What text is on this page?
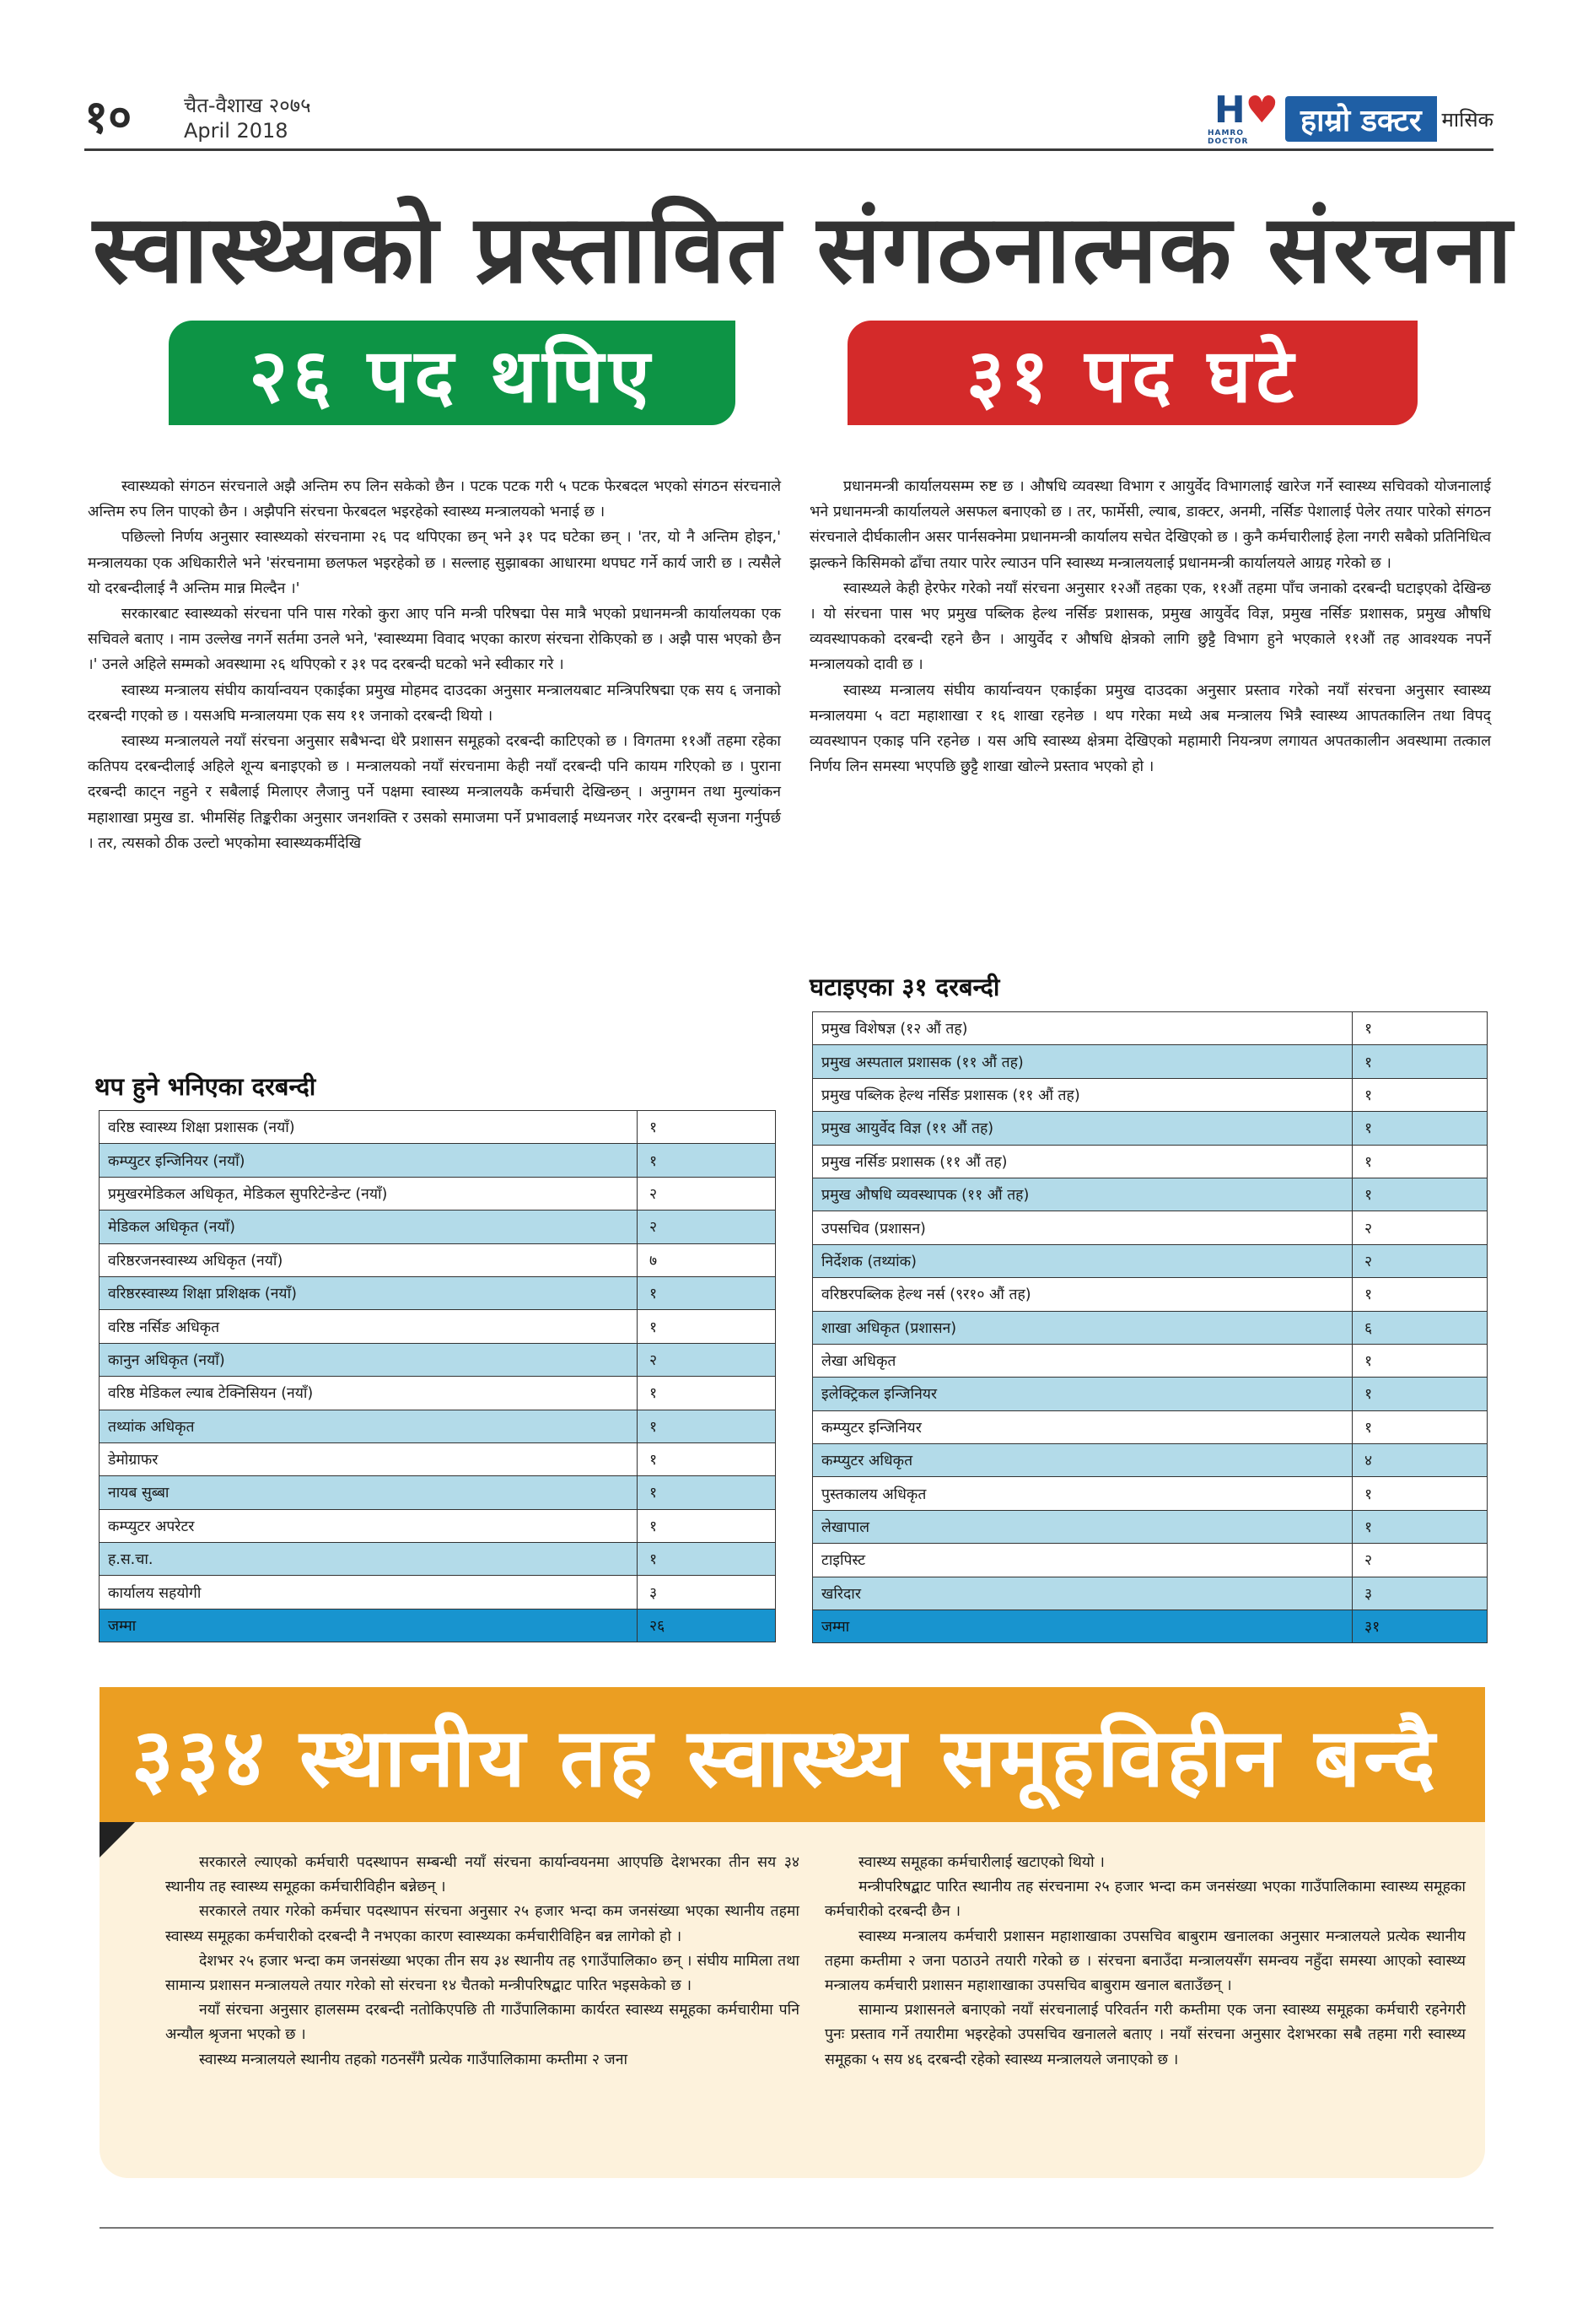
१०	चैत-वैशाख २०७५
April 2018	H♥
HAMRO DOCTOR
हाम्रो डक्टर	मासिक
स्वास्थ्यको प्रस्तावित संगठनात्मक संरचना
२६ पद थपिए	३१ पद घटे

स्वास्थ्यको संगठन संरचनाले अझै अन्तिम रुप लिन सकेको छैन । पटक पटक गरी ५ पटक फेरबदल भएको संगठन संरचनाले अन्तिम रुप लिन पाएको छैन । अझैपनि संरचना फेरबदल भइरहेको स्वास्थ्य मन्त्रालयको भनाई छ ।

पछिल्लो निर्णय अनुसार स्वास्थ्यको संरचनामा २६ पद थपिएका छन् भने ३१ पद घटेका छन् । 'तर, यो नै अन्तिम होइन,' मन्त्रालयका एक अधिकारीले भने 'संरचनामा छलफल भइरहेको छ । सल्लाह सुझाबका आधारमा थपघट गर्ने कार्य जारी छ । त्यसैले यो दरबन्दीलाई नै अन्तिम मान्न मिल्दैन ।'

सरकारबाट स्वास्थ्यको संरचना पनि पास गरेको कुरा आए पनि मन्त्री परिषद्मा पेस मात्रै भएको प्रधानमन्त्री कार्यालयका एक सचिवले बताए । नाम उल्लेख नगर्ने सर्तमा उनले भने, 'स्वास्थ्यमा विवाद भएका कारण संरचना रोकिएको छ । अझै पास भएको छैन ।' उनले अहिले सम्मको अवस्थामा २६ थपिएको र ३१ पद दरबन्दी घटको भने स्वीकार गरे ।

स्वास्थ्य मन्त्रालय संघीय कार्यान्वयन एकाईका प्रमुख मोहमद दाउदका अनुसार मन्त्रालयबाट मन्त्रिपरिषद्मा एक सय ६ जनाको दरबन्दी गएको छ । यसअघि मन्त्रालयमा एक सय ११ जनाको दरबन्दी थियो ।

स्वास्थ्य मन्त्रालयले नयाँ संरचना अनुसार सबैभन्दा धेरै प्रशासन समूहको दरबन्दी काटिएको छ । विगतमा ११औं तहमा रहेका कतिपय दरबन्दीलाई अहिले शून्य बनाइएको छ । मन्त्रालयको नयाँ संरचनामा केही नयाँ दरबन्दी पनि कायम गरिएको छ । पुराना दरबन्दी काट्न नहुने र सबैलाई मिलाएर लैजानु पर्ने पक्षमा स्वास्थ्य मन्त्रालयकै कर्मचारी देखिन्छन् । अनुगमन तथा मुल्यांकन महाशाखा प्रमुख डा. भीमसिंह तिङ्करीका अनुसार जनशक्ति र उसको समाजमा पर्ने प्रभावलाई मध्यनजर गरेर दरबन्दी सृजना गर्नुपर्छ । तर, त्यसको ठीक उल्टो भएकोमा स्वास्थ्यकर्मीदेखि

प्रधानमन्त्री कार्यालयसम्म रुष्ट छ । औषधि व्यवस्था विभाग र आयुर्वेद विभागलाई खारेज गर्ने स्वास्थ्य सचिवको योजनालाई भने प्रधानमन्त्री कार्यालयले असफल बनाएको छ । तर, फार्मेसी, ल्याब, डाक्टर, अनमी, नर्सिङ पेशालाई पेलेर तयार पारेको संगठन संरचनाले दीर्घकालीन असर पार्नसक्नेमा प्रधानमन्त्री कार्यालय सचेत देखिएको छ । कुनै कर्मचारीलाई हेला नगरी सबैको प्रतिनिधित्व झल्कने किसिमको ढाँचा तयार पारेर ल्याउन पनि स्वास्थ्य मन्त्रालयलाई प्रधानमन्त्री कार्यालयले आग्रह गरेको छ ।

स्वास्थ्यले केही हेरफेर गरेको नयाँ संरचना अनुसार १२औं तहका एक, ११औं तहमा पाँच जनाको दरबन्दी घटाइएको देखिन्छ । यो संरचना पास भए प्रमुख पब्लिक हेल्थ नर्सिङ प्रशासक, प्रमुख आयुर्वेद विज्ञ, प्रमुख नर्सिङ प्रशासक, प्रमुख औषधि व्यवस्थापकको दरबन्दी रहने छैन । आयुर्वेद र औषधि क्षेत्रको लागि छुट्टै विभाग हुने भएकाले ११औं तह आवश्यक नपर्ने मन्त्रालयको दावी छ ।

स्वास्थ्य मन्त्रालय संघीय कार्यान्वयन एकाईका प्रमुख दाउदका अनुसार प्रस्ताव गरेको नयाँ संरचना अनुसार स्वास्थ्य मन्त्रालयमा ५ वटा महाशाखा र १६ शाखा रहनेछ । थप गरेका मध्ये अब मन्त्रालय भित्रै स्वास्थ्य आपतकालिन तथा विपद् व्यवस्थापन एकाइ पनि रहनेछ । यस अघि स्वास्थ्य क्षेत्रमा देखिएको महामारी नियन्त्रण लगायत अपतकालीन अवस्थामा तत्काल निर्णय लिन समस्या भएपछि छुट्टै शाखा खोल्ने प्रस्ताव भएको हो ।

थप हुने भनिएका दरबन्दी
वरिष्ठ स्वास्थ्य शिक्षा प्रशासक (नयाँ)	१
कम्प्युटर इन्जिनियर (नयाँ)	१
प्रमुखरमेडिकल अधिकृत, मेडिकल सुपरिटेन्डेन्ट (नयाँ)	२
मेडिकल अधिकृत (नयाँ)	२
वरिष्ठरजनस्वास्थ्य अधिकृत (नयाँ)	७
वरिष्ठरस्वास्थ्य शिक्षा प्रशिक्षक (नयाँ)	१
वरिष्ठ नर्सिङ अधिकृत	१
कानुन अधिकृत (नयाँ)	२
वरिष्ठ मेडिकल ल्याब टेक्निसियन (नयाँ)	१
तथ्यांक अधिकृत	१
डेमोग्राफर	१
नायब सुब्बा	१
कम्प्युटर अपरेटर	१
ह.स.चा.	१
कार्यालय सहयोगी	३
जम्मा	२६
घटाइएका ३१ दरबन्दी
प्रमुख विशेषज्ञ (१२ औं तह)	१
प्रमुख अस्पताल प्रशासक (११ औं तह)	१
प्रमुख पब्लिक हेल्थ नर्सिङ प्रशासक (११ औं तह)	१
प्रमुख आयुर्वेद विज्ञ (११ औं तह)	१
प्रमुख नर्सिङ प्रशासक (११ औं तह)	१
प्रमुख औषधि व्यवस्थापक (११ औं तह)	१
उपसचिव (प्रशासन)	२
निर्देशक (तथ्यांक)	२
वरिष्ठरपब्लिक हेल्थ नर्स (९र१० औं तह)	१
शाखा अधिकृत (प्रशासन)	६
लेखा अधिकृत	१
इलेक्ट्रिकल इन्जिनियर	१
कम्प्युटर इन्जिनियर	१
कम्प्युटर अधिकृत	४
पुस्तकालय अधिकृत	१
लेखापाल	१
टाइपिस्ट	२
खरिदार	३
जम्मा	३१
३३४ स्थानीय तह स्वास्थ्य समूहविहीन बन्दै

सरकारले ल्याएको कर्मचारी पदस्थापन सम्बन्धी नयाँ संरचना कार्यान्वयनमा आएपछि देशभरका तीन सय ३४ स्थानीय तह स्वास्थ्य समूहका कर्मचारीविहीन बन्नेछन् ।

सरकारले तयार गरेको कर्मचार पदस्थापन संरचना अनुसार २५ हजार भन्दा कम जनसंख्या भएका स्थानीय तहमा स्वास्थ्य समूहका कर्मचारीको दरबन्दी नै नभएका कारण स्वास्थ्यका कर्मचारीविहिन बन्न लागेको हो ।

देशभर २५ हजार भन्दा कम जनसंख्या भएका तीन सय ३४ स्थानीय तह ९गाउँपालिका० छन् । संघीय मामिला तथा सामान्य प्रशासन मन्त्रालयले तयार गरेको सो संरचना १४ चैतको मन्त्रीपरिषद्बाट पारित भइसकेको छ ।

नयाँ संरचना अनुसार हालसम्म दरबन्दी नतोकिएपछि ती गाउँपालिकामा कार्यरत स्वास्थ्य समूहका कर्मचारीमा पनि अन्यौल श्रृजना भएको छ ।

स्वास्थ्य मन्त्रालयले स्थानीय तहको गठनसँगै प्रत्येक गाउँपालिकामा कम्तीमा २ जना

स्वास्थ्य समूहका कर्मचारीलाई खटाएको थियो ।

मन्त्रीपरिषद्बाट पारित स्थानीय तह संरचनामा २५ हजार भन्दा कम जनसंख्या भएका गाउँपालिकामा स्वास्थ्य समूहका कर्मचारीको दरबन्दी छैन ।

स्वास्थ्य मन्त्रालय कर्मचारी प्रशासन महाशाखाका उपसचिव बाबुराम खनालका अनुसार मन्त्रालयले प्रत्येक स्थानीय तहमा कम्तीमा २ जना पठाउने तयारी गरेको छ । संरचना बनाउँदा मन्त्रालयसँग समन्वय नहुँदा समस्या आएको स्वास्थ्य मन्त्रालय कर्मचारी प्रशासन महाशाखाका उपसचिव बाबुराम खनाल बताउँछन् ।

सामान्य प्रशासनले बनाएको नयाँ संरचनालाई परिवर्तन गरी कम्तीमा एक जना स्वास्थ्य समूहका कर्मचारी रहनेगरी पुनः प्रस्ताव गर्ने तयारीमा भइरहेको उपसचिव खनालले बताए । नयाँ संरचना अनुसार देशभरका सबै तहमा गरी स्वास्थ्य समूहका ५ सय ४६ दरबन्दी रहेको स्वास्थ्य मन्त्रालयले जनाएको छ ।
